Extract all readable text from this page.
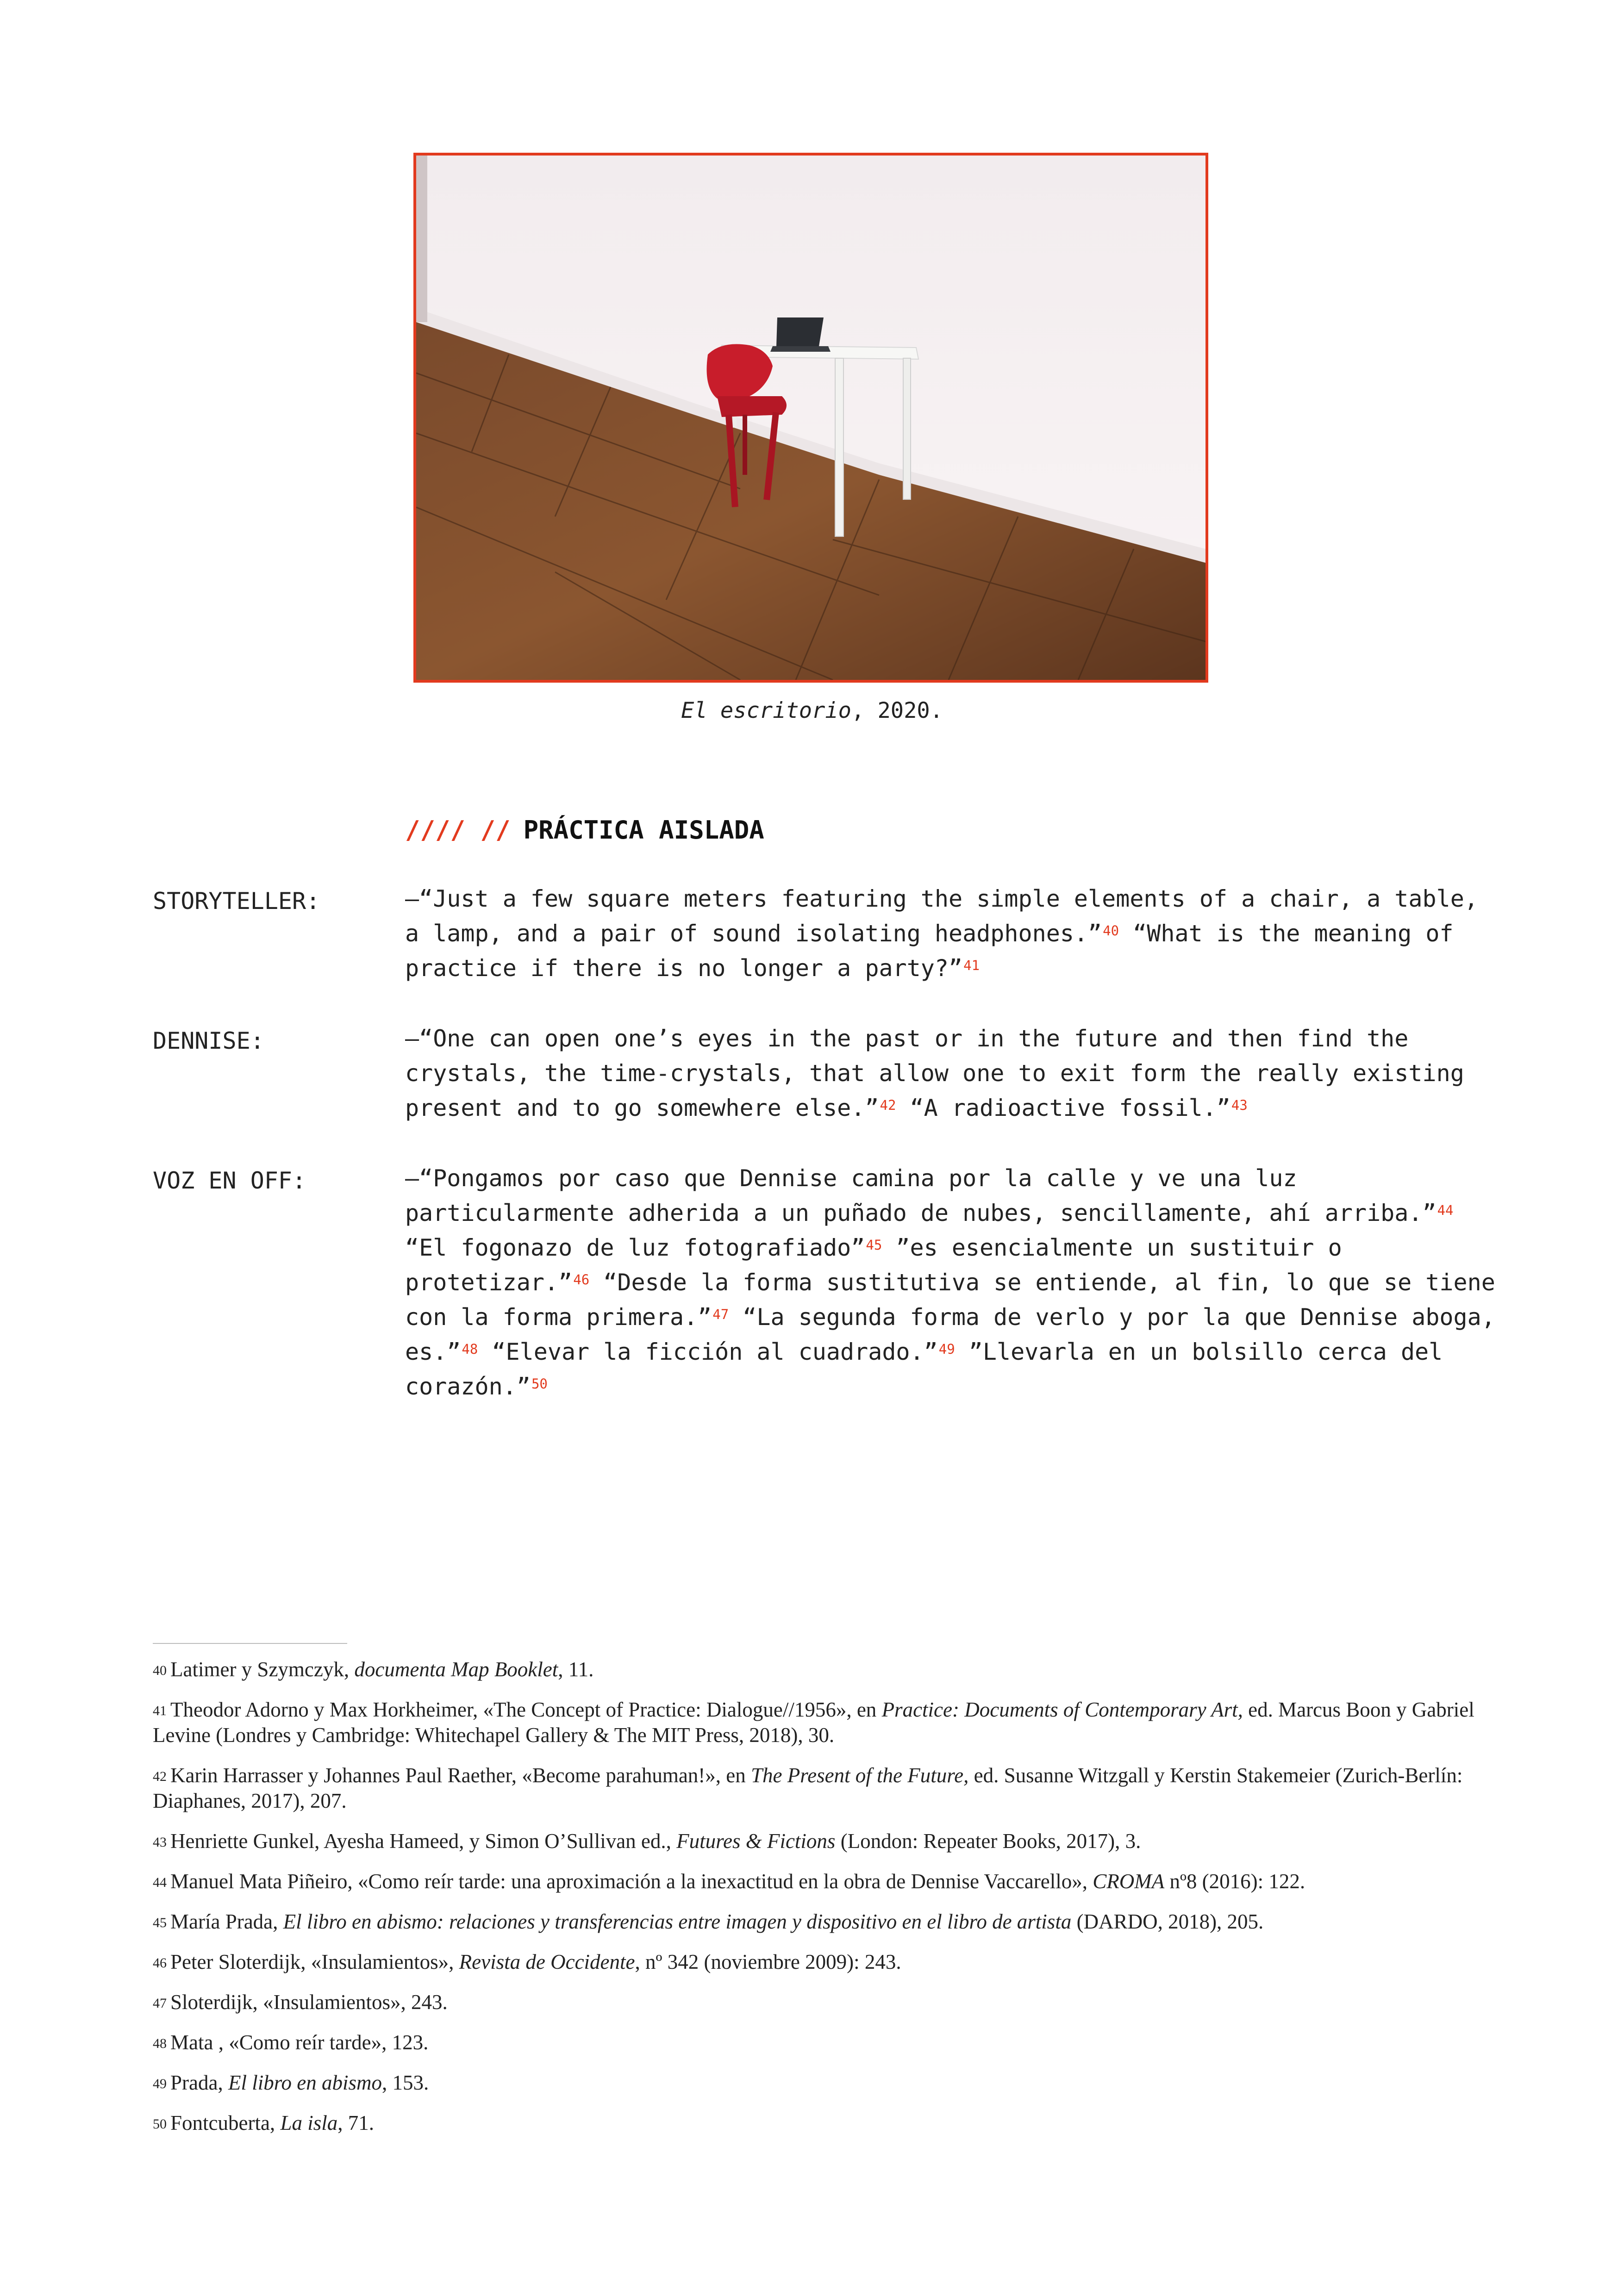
El escritorio, 2020.
//// // PRÁCTICA AISLADA
STORYTELLER:	—“Just a few square meters featuring the simple elements of a chair, a table, a lamp, and a pair of sound isolating headphones.”$^{40}$ “What is the meaning of practice if there is no longer a party?”$^{41}$
DENNISE:	—“One can open one’s eyes in the past or in the future and then find the crystals, the time-crystals, that allow one to exit form the really existing present and to go somewhere else.”$^{42}$ “A radioactive fossil.”$^{43}$
VOZ EN OFF:	—“Pongamos por caso que Dennise camina por la calle y ve una luz particularmente adherida a un puñado de nubes, sencillamente, ahí arriba.”$^{44}$ “El fogonazo de luz fotografiado”$^{45}$ ”es esencialmente un sustituir o protetizar.”$^{46}$ “Desde la forma sustitutiva se entiende, al fin, lo que se tiene con la forma primera.”$^{47}$ “La segunda forma de verlo y por la que Dennise aboga, es.”$^{48}$ “Elevar la ficción al cuadrado.”$^{49}$ ”Llevarla en un bolsillo cerca del corazón.”$^{50}$
$^{40}$ Latimer y Szymczyk, documenta Map Booklet, 11.
$^{41}$ Theodor Adorno y Max Horkheimer, «The Concept of Practice: Dialogue//1956», en Practice: Documents of Contemporary Art, ed. Marcus Boon y Gabriel Levine (Londres y Cambridge: Whitechapel Gallery & The MIT Press, 2018), 30.
$^{42}$ Karin Harrasser y Johannes Paul Raether, «Become parahuman!», en The Present of the Future, ed. Susanne Witzgall y Kerstin Stakemeier (Zurich-Berlín: Diaphanes, 2017), 207.
$^{43}$ Henriette Gunkel, Ayesha Hameed, y Simon O’Sullivan ed., Futures & Fictions (London: Repeater Books, 2017), 3.
$^{44}$ Manuel Mata Piñeiro, «Como reír tarde: una aproximación a la inexactitud en la obra de Dennise Vaccarello», CROMA nº8 (2016): 122.
$^{45}$ María Prada, El libro en abismo: relaciones y transferencias entre imagen y dispositivo en el libro de artista (DARDO, 2018), 205.
$^{46}$ Peter Sloterdijk, «Insulamientos», Revista de Occidente, nº 342 (noviembre 2009): 243.
$^{47}$ Sloterdijk, «Insulamientos», 243.
$^{48}$ Mata , «Como reír tarde», 123.
$^{49}$ Prada, El libro en abismo, 153.
$^{50}$ Fontcuberta, La isla, 71.
